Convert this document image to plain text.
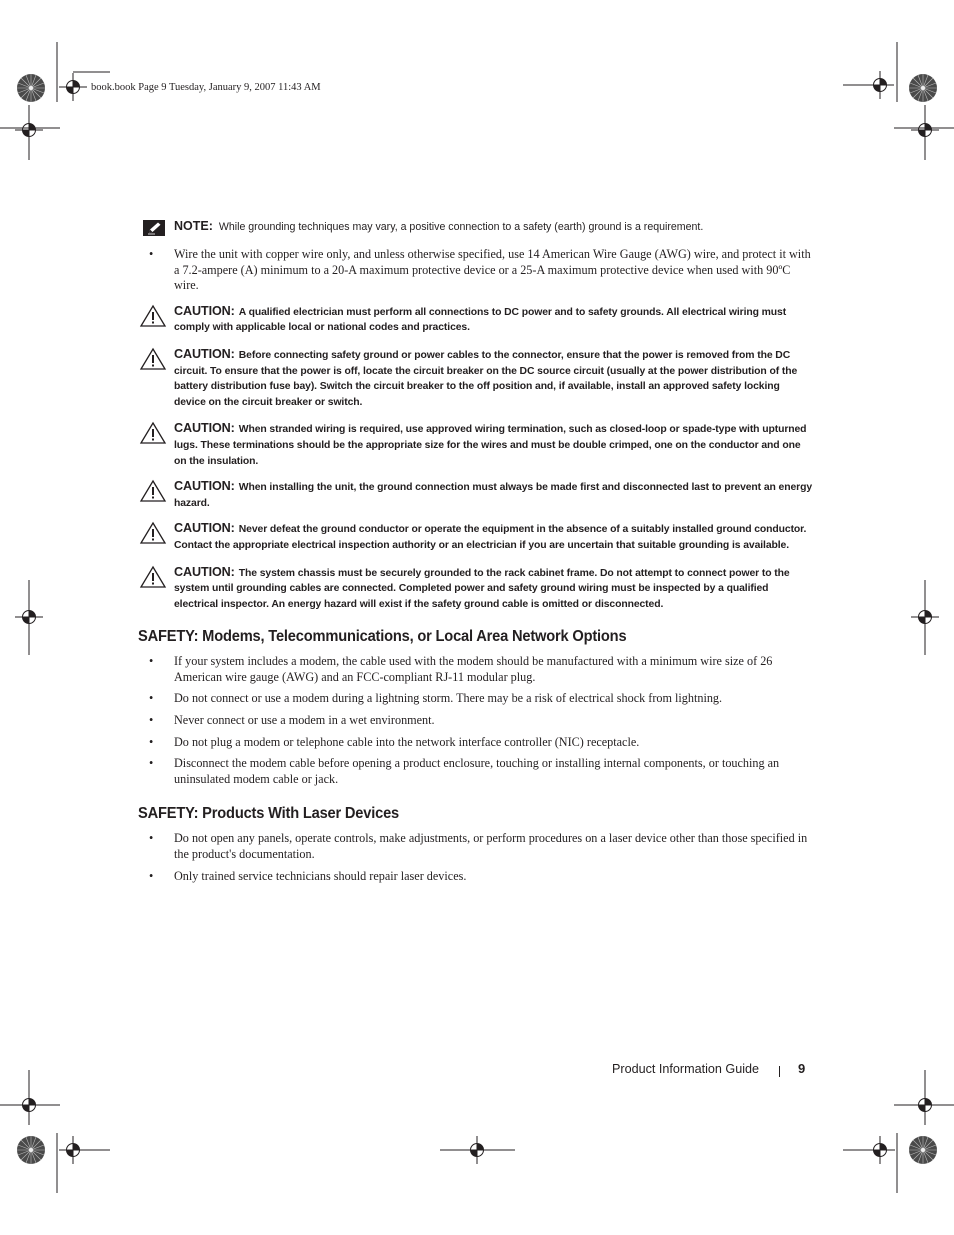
book.book Page 9 Tuesday, January 9, 2007 11:43 AM
NOTE: While grounding techniques may vary, a positive connection to a safety (earth) ground is a requirement.
• Wire the unit with copper wire only, and unless otherwise specified, use 14 American Wire Gauge (AWG) wire, and protect it with a 7.2-ampere (A) minimum to a 20-A maximum protective device or a 25-A maximum protective device when used with 90ºC wire.
CAUTION: A qualified electrician must perform all connections to DC power and to safety grounds. All electrical wiring must comply with applicable local or national codes and practices.
CAUTION: Before connecting safety ground or power cables to the connector, ensure that the power is removed from the DC circuit. To ensure that the power is off, locate the circuit breaker on the DC source circuit (usually at the power distribution of the battery distribution fuse bay). Switch the circuit breaker to the off position and, if available, install an approved safety locking device on the circuit breaker or switch.
CAUTION: When stranded wiring is required, use approved wiring termination, such as closed-loop or spade-type with upturned lugs. These terminations should be the appropriate size for the wires and must be double crimped, one on the conductor and one on the insulation.
CAUTION: When installing the unit, the ground connection must always be made first and disconnected last to prevent an energy hazard.
CAUTION: Never defeat the ground conductor or operate the equipment in the absence of a suitably installed ground conductor. Contact the appropriate electrical inspection authority or an electrician if you are uncertain that suitable grounding is available.
CAUTION: The system chassis must be securely grounded to the rack cabinet frame. Do not attempt to connect power to the system until grounding cables are connected. Completed power and safety ground wiring must be inspected by a qualified electrical inspector. An energy hazard will exist if the safety ground cable is omitted or disconnected.
SAFETY: Modems, Telecommunications, or Local Area Network Options
• If your system includes a modem, the cable used with the modem should be manufactured with a minimum wire size of 26 American wire gauge (AWG) and an FCC-compliant RJ-11 modular plug.
• Do not connect or use a modem during a lightning storm. There may be a risk of electrical shock from lightning.
• Never connect or use a modem in a wet environment.
• Do not plug a modem or telephone cable into the network interface controller (NIC) receptacle.
• Disconnect the modem cable before opening a product enclosure, touching or installing internal components, or touching an uninsulated modem cable or jack.
SAFETY: Products With Laser Devices
• Do not open any panels, operate controls, make adjustments, or perform procedures on a laser device other than those specified in the product's documentation.
• Only trained service technicians should repair laser devices.
Product Information Guide	9
